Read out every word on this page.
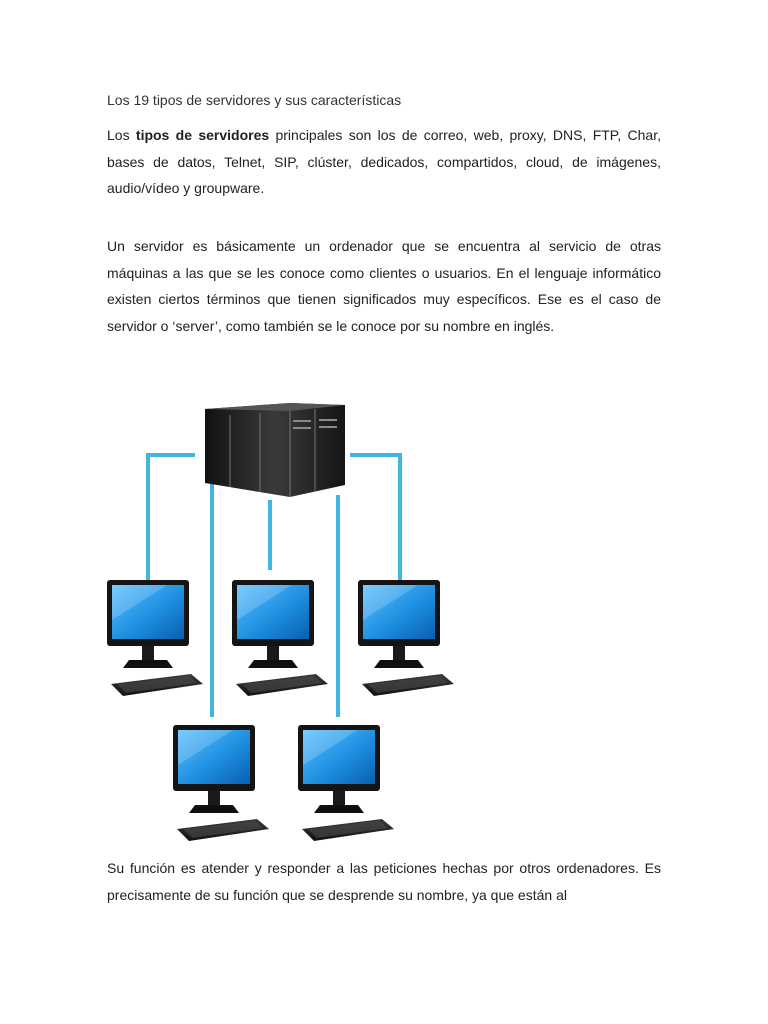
Los 19 tipos de servidores y sus características

Los tipos de servidores principales son los de correo, web, proxy, DNS, FTP, Char, bases de datos, Telnet, SIP, clúster, dedicados, compartidos, cloud, de imágenes, audio/vídeo y groupware.

Un servidor es básicamente un ordenador que se encuentra al servicio de otras máquinas a las que se les conoce como clientes o usuarios. En el lenguaje informático existen ciertos términos que tienen significados muy específicos. Ese es el caso de servidor o ‘server’, como también se le conoce por su nombre en inglés.

Su función es atender y responder a las peticiones hechas por otros ordenadores. Es precisamente de su función que se desprende su nombre, ya que están al
